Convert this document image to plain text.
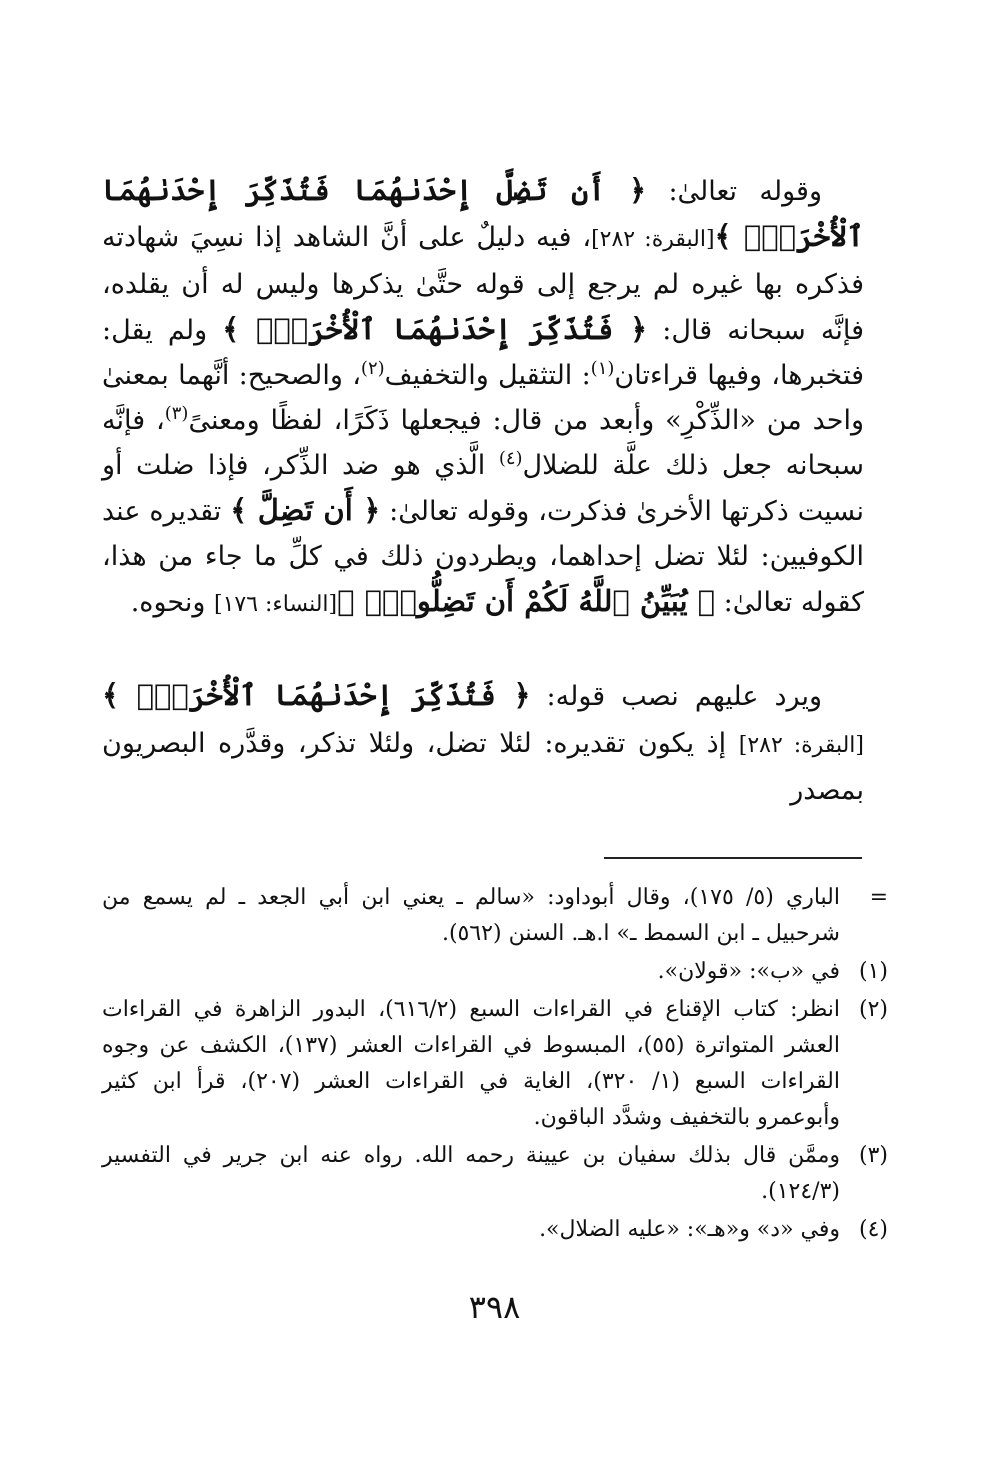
وقوله تعالىٰ: ﴿ أَن تَضِلَّ إِحْدَىٰهُمَا فَتُذَكِّرَ إِحْدَىٰهُمَا ٱلْأُخْرَىٰۚ ﴾[البقرة: ٢٨٢]، فيه دليلٌ على أنَّ الشاهد إذا نسِيَ شهادته فذكره بها غيره لم يرجع إلى قوله حتَّىٰ يذكرها وليس له أن يقلده، فإنَّه سبحانه قال: ﴿ فَتُذَكِّرَ إِحْدَىٰهُمَا ٱلْأُخْرَىٰۚ ﴾ ولم يقل: فتخبرها، وفيها قراءتان$^{(١)}$: التثقيل والتخفيف$^{(٢)}$، والصحيح: أنَّهما بمعنىٰ واحد من «الذِّكْرِ» وأبعد من قال: فيجعلها ذَكَرًا، لفظًا ومعنىً$^{(٣)}$، فإنَّه سبحانه جعل ذلك علَّة للضلال$^{(٤)}$ الَّذي هو ضد الذِّكر، فإذا ضلت أو نسيت ذكرتها الأخرىٰ فذكرت، وقوله تعالىٰ: ﴿ أَن تَضِلَّ ﴾ تقديره عند الكوفيين: لئلا تضل إحداهما، ويطردون ذلك في كلِّ ما جاء من هذا، كقوله تعالىٰ: ﴿ يُبَيِّنُ ٱللَّهُ لَكُمْ أَن تَضِلُّواْۗ ﴾[النساء: ١٧٦] ونحوه.

ويرد عليهم نصب قوله: ﴿ فَتُذَكِّرَ إِحْدَىٰهُمَا ٱلْأُخْرَىٰۚ ﴾ [البقرة: ٢٨٢] إذ يكون تقديره: لئلا تضل، ولئلا تذكر، وقدَّره البصريون بمصدر

=
الباري (٥/ ١٧٥)، وقال أبوداود: «سالم ـ يعني ابن أبي الجعد ـ لم يسمع من شرحبيل ـ ابن السمط ـ» ا.هـ. السنن (٥٦٢).
(١)
في «ب»: «قولان».
(٢)
انظر: كتاب الإقناع في القراءات السبع (٦١٦/٢)، البدور الزاهرة في القراءات العشر المتواترة (٥٥)، المبسوط في القراءات العشر (١٣٧)، الكشف عن وجوه القراءات السبع (١/ ٣٢٠)، الغاية في القراءات العشر (٢٠٧)، قرأ ابن كثير وأبوعمرو بالتخفيف وشدَّد الباقون.
(٣)
وممَّن قال بذلك سفيان بن عيينة رحمه الله. رواه عنه ابن جرير في التفسير (١٢٤/٣).
(٤)
وفي «د» و«هـ»: «عليه الضلال».
٣٩٨
